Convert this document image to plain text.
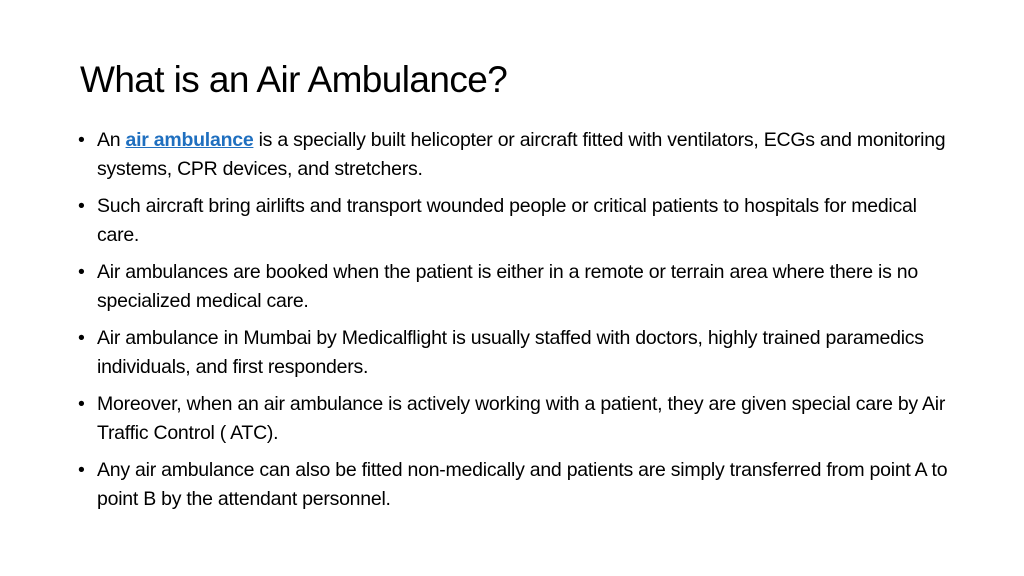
What is an Air Ambulance?
• An air ambulance is a specially built helicopter or aircraft fitted with ventilators, ECGs and monitoring systems, CPR devices, and stretchers.
• Such aircraft bring airlifts and transport wounded people or critical patients to hospitals for medical care.
• Air ambulances are booked when the patient is either in a remote or terrain area where there is no specialized medical care.
• Air ambulance in Mumbai by Medicalflight is usually staffed with doctors, highly trained paramedics individuals, and first responders.
• Moreover, when an air ambulance is actively working with a patient, they are given special care by Air Traffic Control ( ATC).
• Any air ambulance can also be fitted non-medically and patients are simply transferred from point A to point B by the attendant personnel.
